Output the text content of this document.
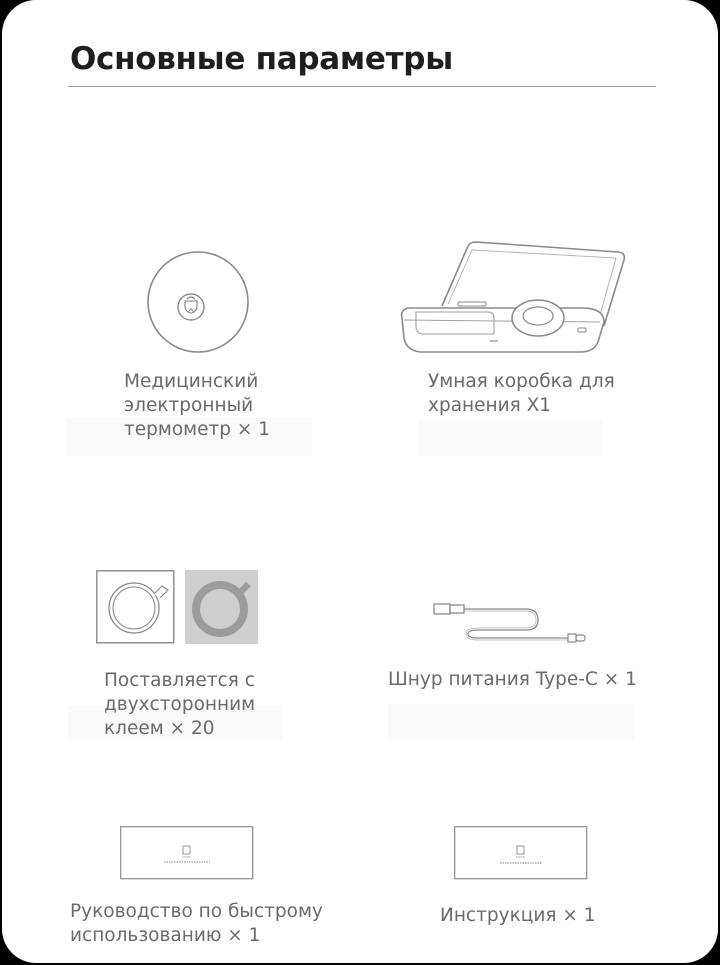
Основные параметры
Медицинский
электронный
термометр × 1
Умная коробка для
хранения X1
Поставляется с
двухсторонним
клеем × 20
Шнур питания Type-C × 1
Руководство по быстрому
использованию × 1
Инструкция × 1
